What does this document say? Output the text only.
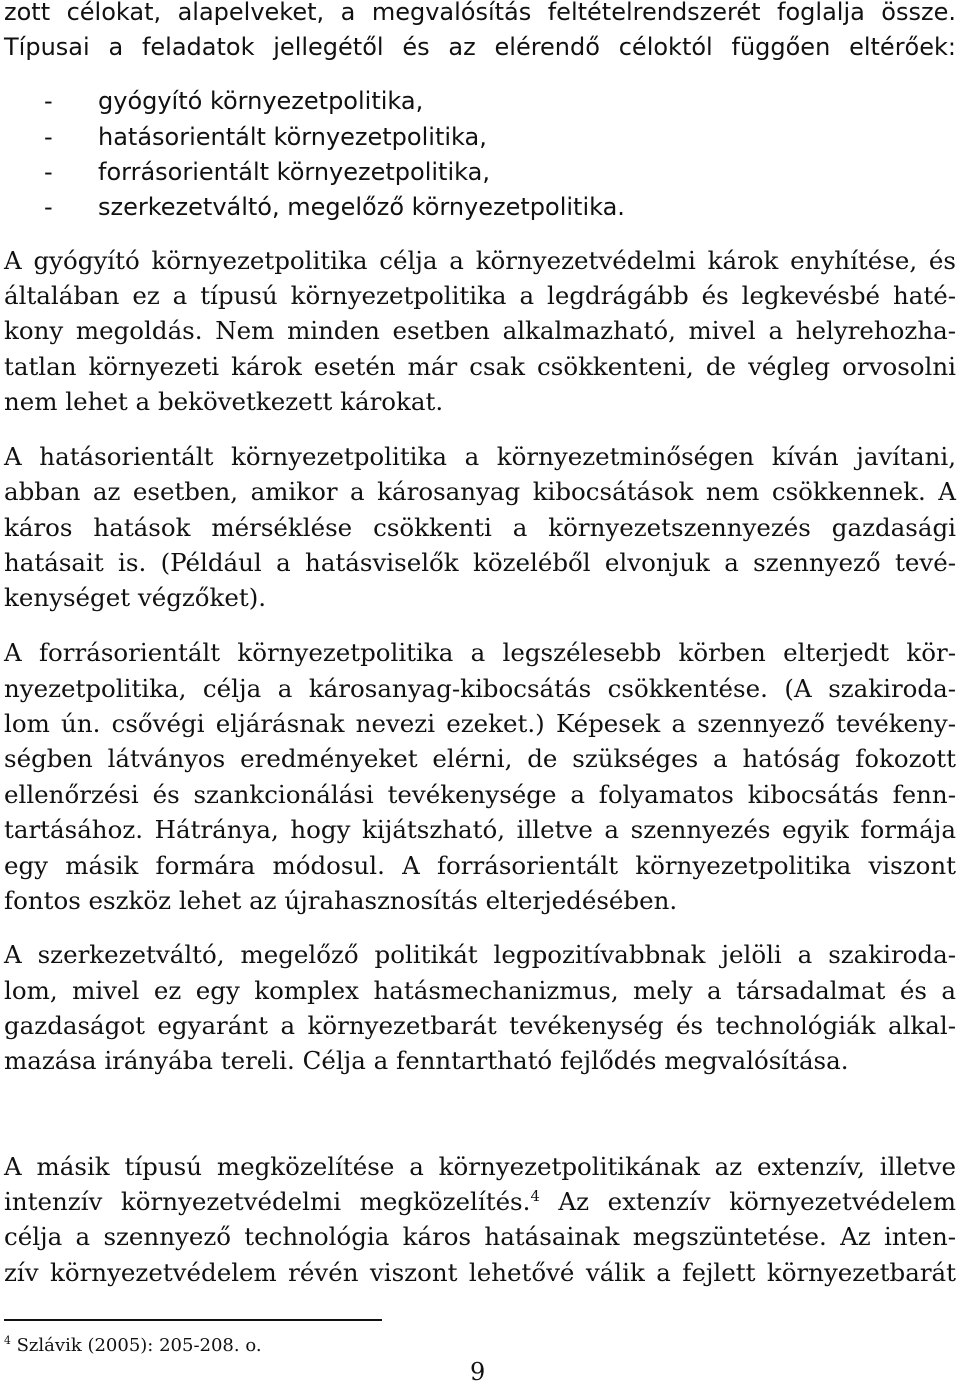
zott célokat, alapelveket, a megvalósítás feltételrendszerét foglalja össze.
Típusai a feladatok jellegétől és az elérendő céloktól függően eltérőek:
- gyógyító környezetpolitika,
- hatásorientált környezetpolitika,
- forrásorientált környezetpolitika,
- szerkezetváltó, megelőző környezetpolitika.
A gyógyító környezetpolitika célja a környezetvédelmi károk enyhítése, és
általában ez a típusú környezetpolitika a legdrágább és legkevésbé haté-
kony megoldás. Nem minden esetben alkalmazható, mivel a helyrehozha-
tatlan környezeti károk esetén már csak csökkenteni, de végleg orvosolni
nem lehet a bekövetkezett károkat.
A hatásorientált környezetpolitika a környezetminőségen kíván javítani,
abban az esetben, amikor a károsanyag kibocsátások nem csökkennek. A
káros hatások mérséklése csökkenti a környezetszennyezés gazdasági
hatásait is. (Például a hatásviselők közeléből elvonjuk a szennyező tevé-
kenységet végzőket).
A forrásorientált környezetpolitika a legszélesebb körben elterjedt kör-
nyezetpolitika, célja a károsanyag-kibocsátás csökkentése. (A szakiroda-
lom ún. csővégi eljárásnak nevezi ezeket.) Képesek a szennyező tevékeny-
ségben látványos eredményeket elérni, de szükséges a hatóság fokozott
ellenőrzési és szankcionálási tevékenysége a folyamatos kibocsátás fenn-
tartásához. Hátránya, hogy kijátszható, illetve a szennyezés egyik formája
egy másik formára módosul. A forrásorientált környezetpolitika viszont
fontos eszköz lehet az újrahasznosítás elterjedésében.
A szerkezetváltó, megelőző politikát legpozitívabbnak jelöli a szakiroda-
lom, mivel ez egy komplex hatásmechanizmus, mely a társadalmat és a
gazdaságot egyaránt a környezetbarát tevékenység és technológiák alkal-
mazása irányába tereli. Célja a fenntartható fejlődés megvalósítása.
A másik típusú megközelítése a környezetpolitikának az extenzív, illetve
intenzív környezetvédelmi megközelítés.$^4$ Az extenzív környezetvédelem
célja a szennyező technológia káros hatásainak megszüntetése. Az inten-
zív környezetvédelem révén viszont lehetővé válik a fejlett környezetbarát
$^4$ Szlávik (2005): 205-208. o.
9
